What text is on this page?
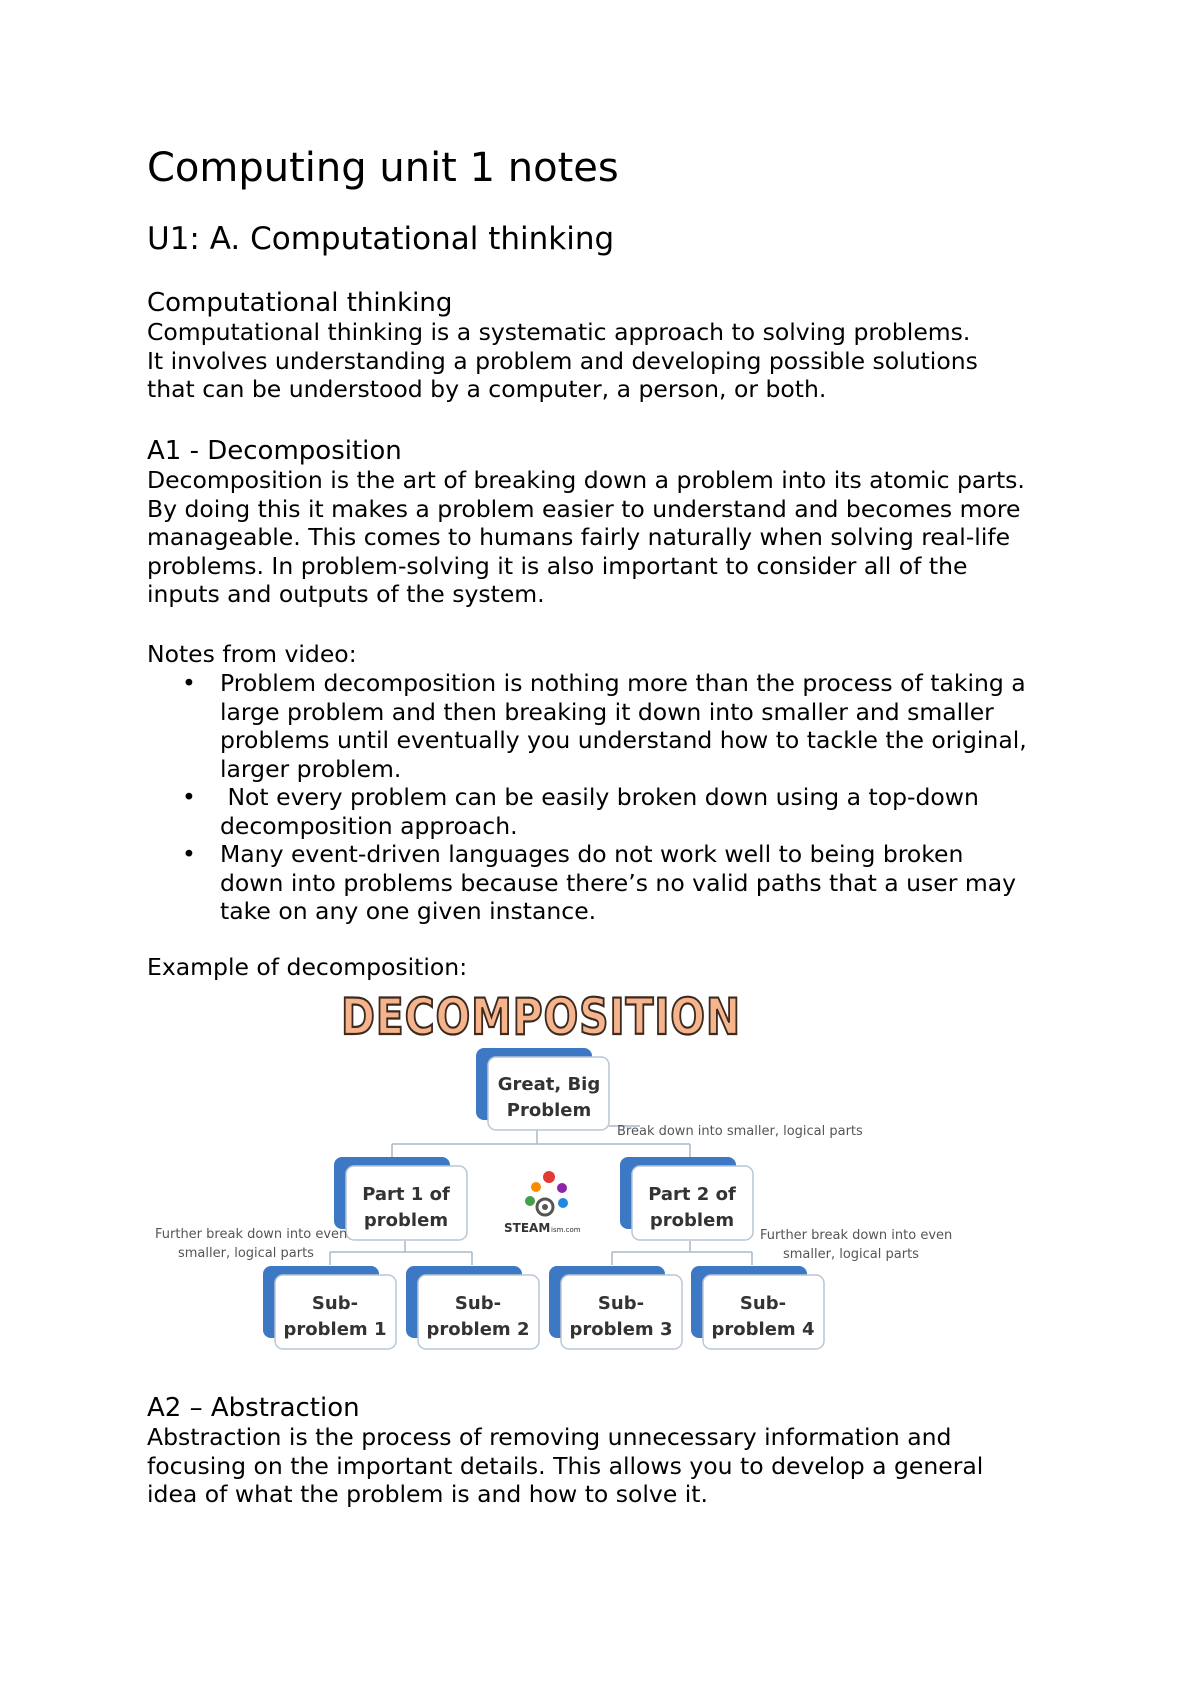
Computing unit 1 notes
U1: A. Computational thinking
Computational thinking
Computational thinking is a systematic approach to solving problems.
It involves understanding a problem and developing possible solutions
that can be understood by a computer, a person, or both.
A1 - Decomposition
Decomposition is the art of breaking down a problem into its atomic parts.
By doing this it makes a problem easier to understand and becomes more
manageable. This comes to humans fairly naturally when solving real-life
problems. In problem-solving it is also important to consider all of the
inputs and outputs of the system.
Notes from video:
• Problem decomposition is nothing more than the process of taking a
large problem and then breaking it down into smaller and smaller
problems until eventually you understand how to tackle the original,
larger problem.
• Not every problem can be easily broken down using a top-down
decomposition approach.
• Many event-driven languages do not work well to being broken
down into problems because there’s no valid paths that a user may
take on any one given instance.
Example of decomposition:
A2 – Abstraction
Abstraction is the process of removing unnecessary information and
focusing on the important details. This allows you to develop a general
idea of what the problem is and how to solve it.
DECOMPOSITION
Great, Big
Problem
Break down into smaller, logical parts
Part 1 of
problem
Part 2 of
problem
STEAM ism.com
Further break down into even
smaller, logical parts
Further break down into even
smaller, logical parts
Sub-
problem 1
Sub-
problem 2
Sub-
problem 3
Sub-
problem 4
